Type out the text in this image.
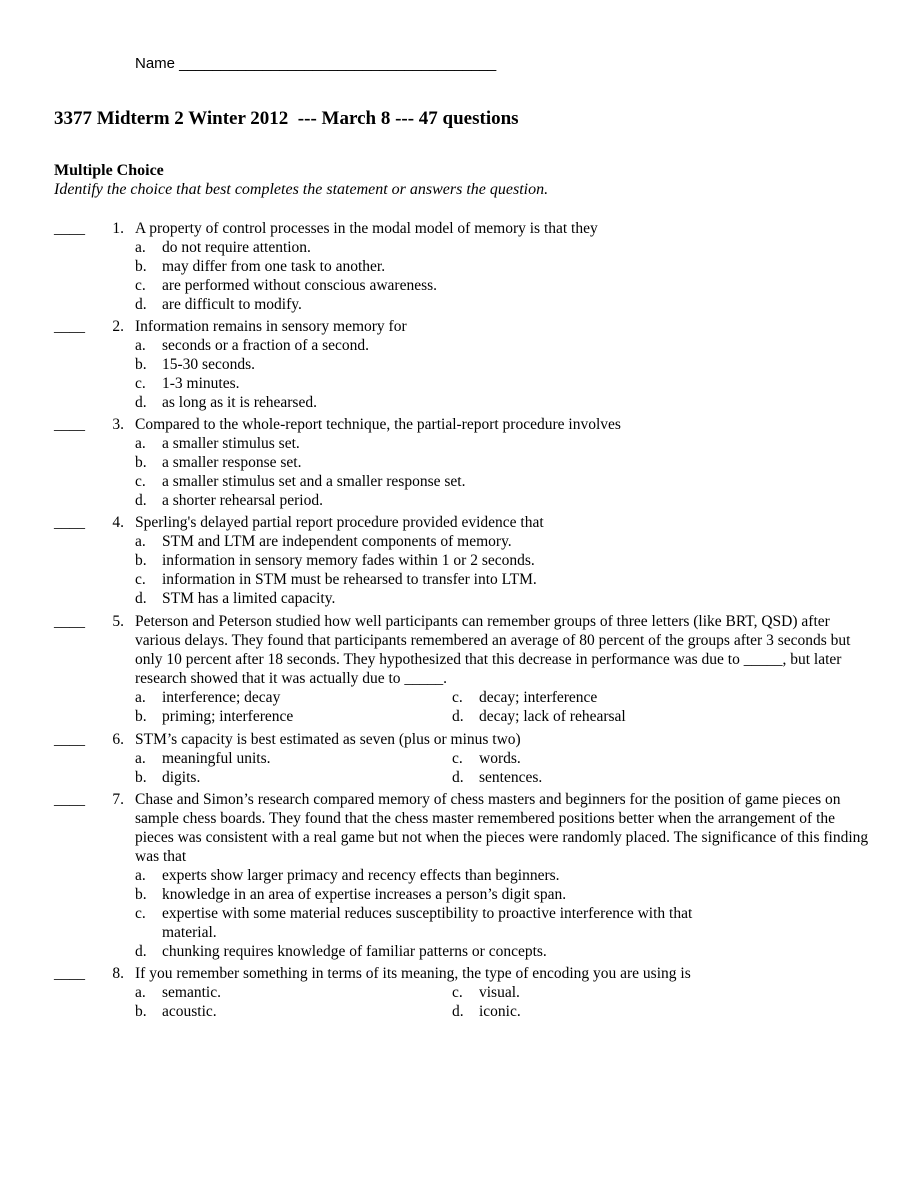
Name ______________________________________
3377 Midterm 2 Winter 2012  --- March 8 --- 47 questions
Multiple Choice
Identify the choice that best completes the statement or answers the question.
____ 1. A property of control processes in the modal model of memory is that they
a.	do not require attention.
b. may differ from one task to another.
c.	are performed without conscious awareness.
d. are difficult to modify.
____ 2. Information remains in sensory memory for
a.	seconds or a fraction of a second.
b. 15-30 seconds.
c.	1-3 minutes.
d. as long as it is rehearsed.
____ 3. Compared to the whole-report technique, the partial-report procedure involves
a.	a smaller stimulus set.
b. a smaller response set.
c.	a smaller stimulus set and a smaller response set.
d. a shorter rehearsal period.
____ 4. Sperling's delayed partial report procedure provided evidence that
a.	STM and LTM are independent components of memory.
b. information in sensory memory fades within 1 or 2 seconds.
c.	information in STM must be rehearsed to transfer into LTM.
d. STM has a limited capacity.
____ 5. Peterson and Peterson studied how well participants can remember groups of three letters (like BRT, QSD) after various delays. They found that participants remembered an average of 80 percent of the groups after 3 seconds but only 10 percent after 18 seconds. They hypothesized that this decrease in performance was due to _____, but later research showed that it was actually due to _____.
a.	interference; decay	c.	decay; interference
b. priming; interference	d. decay; lack of rehearsal
____ 6. STM’s capacity is best estimated as seven (plus or minus two)
a.	meaningful units.	c.	words.
b. digits.	d. sentences.
____ 7. Chase and Simon’s research compared memory of chess masters and beginners for the position of game pieces on sample chess boards. They found that the chess master remembered positions better when the arrangement of the pieces was consistent with a real game but not when the pieces were randomly placed. The significance of this finding was that
a.	experts show larger primacy and recency effects than beginners.
b. knowledge in an area of expertise increases a person’s digit span.
c.	expertise with some material reduces susceptibility to proactive interference with that material.
d. chunking requires knowledge of familiar patterns or concepts.
____ 8. If you remember something in terms of its meaning, the type of encoding you are using is
a.	semantic.	c.	visual.
b. acoustic.	d. iconic.
